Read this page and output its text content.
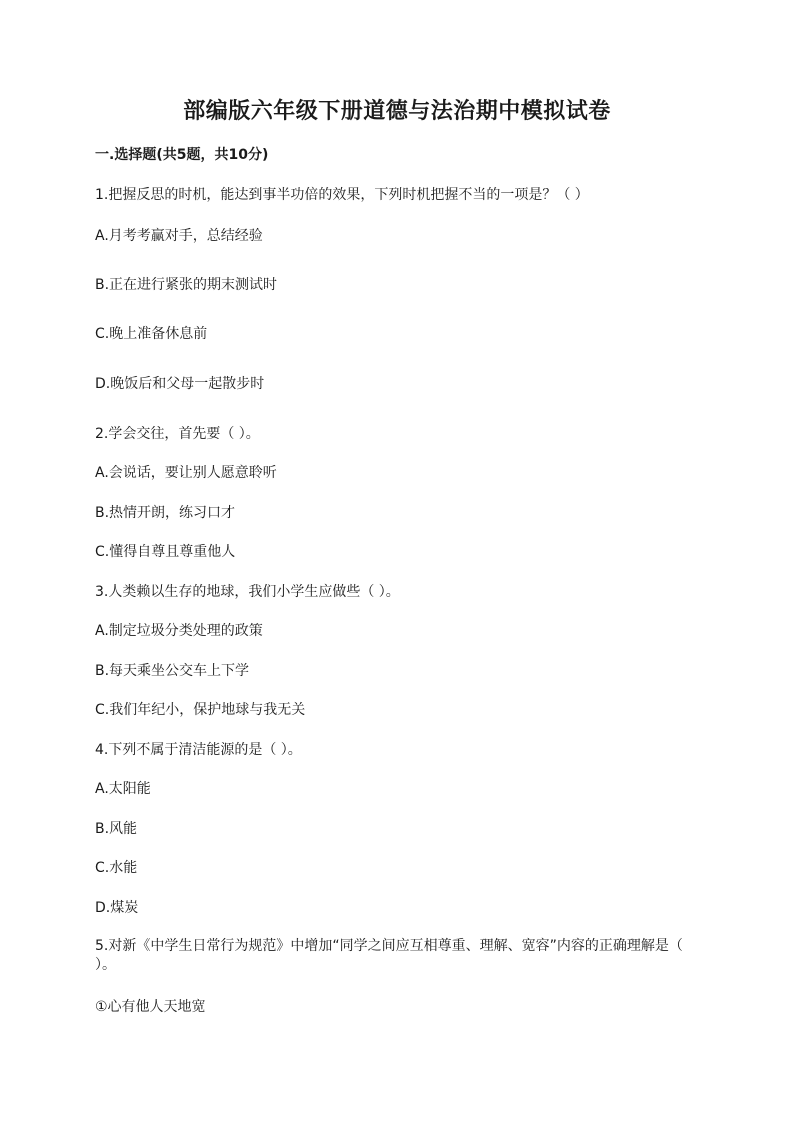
部编版六年级下册道德与法治期中模拟试卷
一.选择题(共5题，共10分)
1.把握反思的时机，能达到事半功倍的效果，下列时机把握不当的一项是？（ ）
A.月考考赢对手，总结经验
B.正在进行紧张的期末测试时
C.晚上准备休息前
D.晚饭后和父母一起散步时
2.学会交往，首先要（ ）。
A.会说话，要让别人愿意聆听
B.热情开朗，练习口才
C.懂得自尊且尊重他人
3.人类赖以生存的地球，我们小学生应做些（ ）。
A.制定垃圾分类处理的政策
B.每天乘坐公交车上下学
C.我们年纪小，保护地球与我无关
4.下列不属于清洁能源的是（ ）。
A.太阳能
B.风能
C.水能
D.煤炭
5.对新《中学生日常行为规范》中增加“同学之间应互相尊重、理解、宽容”内容的正确理解是（ ）。
①心有他人天地宽
